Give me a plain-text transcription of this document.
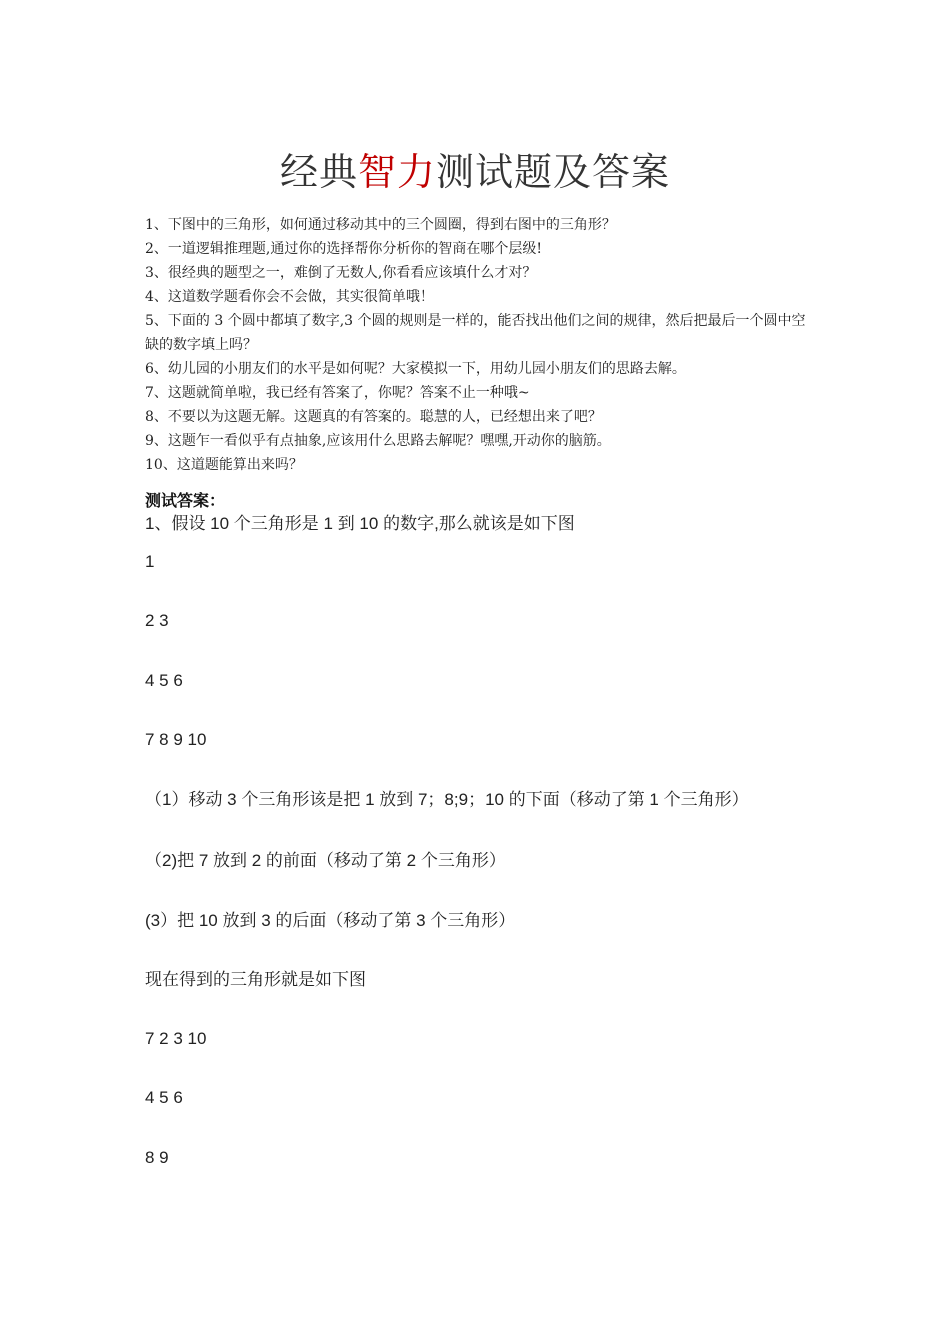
经典智力测试题及答案

1、下图中的三角形，如何通过移动其中的三个圆圈，得到右图中的三角形？

2、一道逻辑推理题,通过你的选择帮你分析你的智商在哪个层级!

3、很经典的题型之一，难倒了无数人,你看看应该填什么才对？

4、这道数学题看你会不会做，其实很简单哦！

5、下面的 3 个圆中都填了数字,3 个圆的规则是一样的，能否找出他们之间的规律，然后把最后一个圆中空缺的数字填上吗？

6、幼儿园的小朋友们的水平是如何呢？大家模拟一下，用幼儿园小朋友们的思路去解。

7、这题就简单啦，我已经有答案了，你呢？答案不止一种哦~

8、不要以为这题无解。这题真的有答案的。聪慧的人，已经想出来了吧？

9、这题乍一看似乎有点抽象,应该用什么思路去解呢？嘿嘿,开动你的脑筋。

10、这道题能算出来吗？

测试答案：
1、假设 10 个三角形是 1 到 10 的数字,那么就该是如下图
1
2 3
4 5 6
7 8 9 10
（1）移动 3 个三角形该是把 1 放到 7；8;9；10 的下面（移动了第 1 个三角形）
（2)把 7 放到 2 的前面（移动了第 2 个三角形）
(3）把 10 放到 3 的后面（移动了第 3 个三角形）
现在得到的三角形就是如下图
7 2 3 10
4 5 6
8 9
